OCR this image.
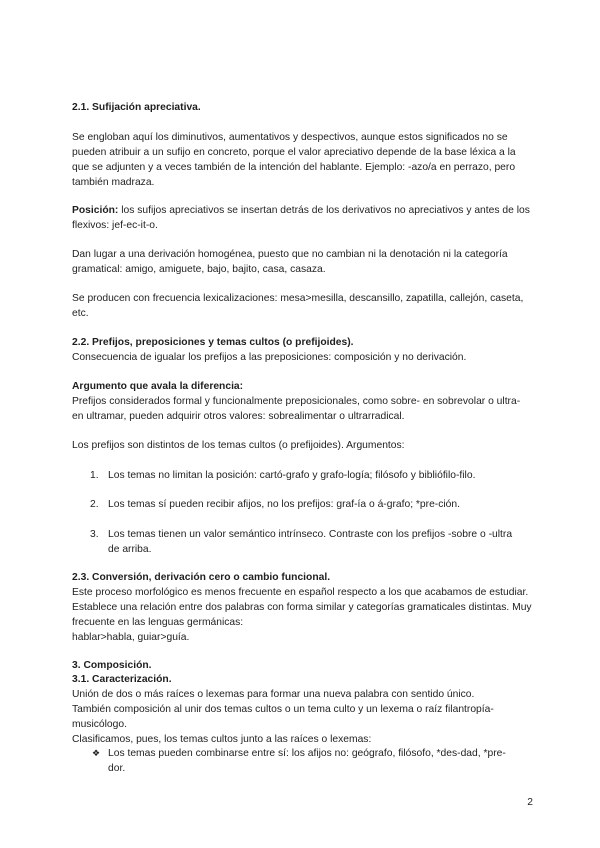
2.1. Sufijación apreciativa.

Se engloban aquí los diminutivos, aumentativos y despectivos, aunque estos significados no se pueden atribuir a un sufijo en concreto, porque el valor apreciativo depende de la base léxica a la que se adjunten y a veces también de la intención del hablante. Ejemplo: -azo/a en perrazo, pero también madraza.

Posición: los sufijos apreciativos se insertan detrás de los derivativos no apreciativos y antes de los flexivos: jef-ec-it-o.

Dan lugar a una derivación homogénea, puesto que no cambian ni la denotación ni la categoría gramatical: amigo, amiguete, bajo, bajito, casa, casaza.

Se producen con frecuencia lexicalizaciones: mesa>mesilla, descansillo, zapatilla, callejón, caseta, etc.

2.2. Prefijos, preposiciones y temas cultos (o prefijoides).
Consecuencia de igualar los prefijos a las preposiciones: composición y no derivación.
Argumento que avala la diferencia:
Prefijos considerados formal y funcionalmente preposicionales, como sobre- en sobrevolar o ultra- en ultramar, pueden adquirir otros valores: sobrealimentar o ultrarradical.
Los prefijos son distintos de los temas cultos (o prefijoides). Argumentos:
1. Los temas no limitan la posición: cartó-grafo y grafo-logía; filósofo y bibliófilo-filo.
2. Los temas sí pueden recibir afijos, no los prefijos: graf-ía o á-grafo; *pre-ción.
3. Los temas tienen un valor semántico intrínseco. Contraste con los prefijos -sobre o -ultra de arriba.
2.3. Conversión, derivación cero o cambio funcional.

Este proceso morfológico es menos frecuente en español respecto a los que acabamos de estudiar. Establece una relación entre dos palabras con forma similar y categorías gramaticales distintas. Muy frecuente en las lenguas germánicas:

hablar>habla, guiar>guía.

3. Composición.
3.1. Caracterización.

Unión de dos o más raíces o lexemas para formar una nueva palabra con sentido único.

También composición al unir dos temas cultos o un tema culto y un lexema o raíz filantropía-musicólogo.

Clasificamos, pues, los temas cultos junto a las raíces o lexemas:

❖ Los temas pueden combinarse entre sí: los afijos no: geógrafo, filósofo, *des-dad, *pre-dor.
2
